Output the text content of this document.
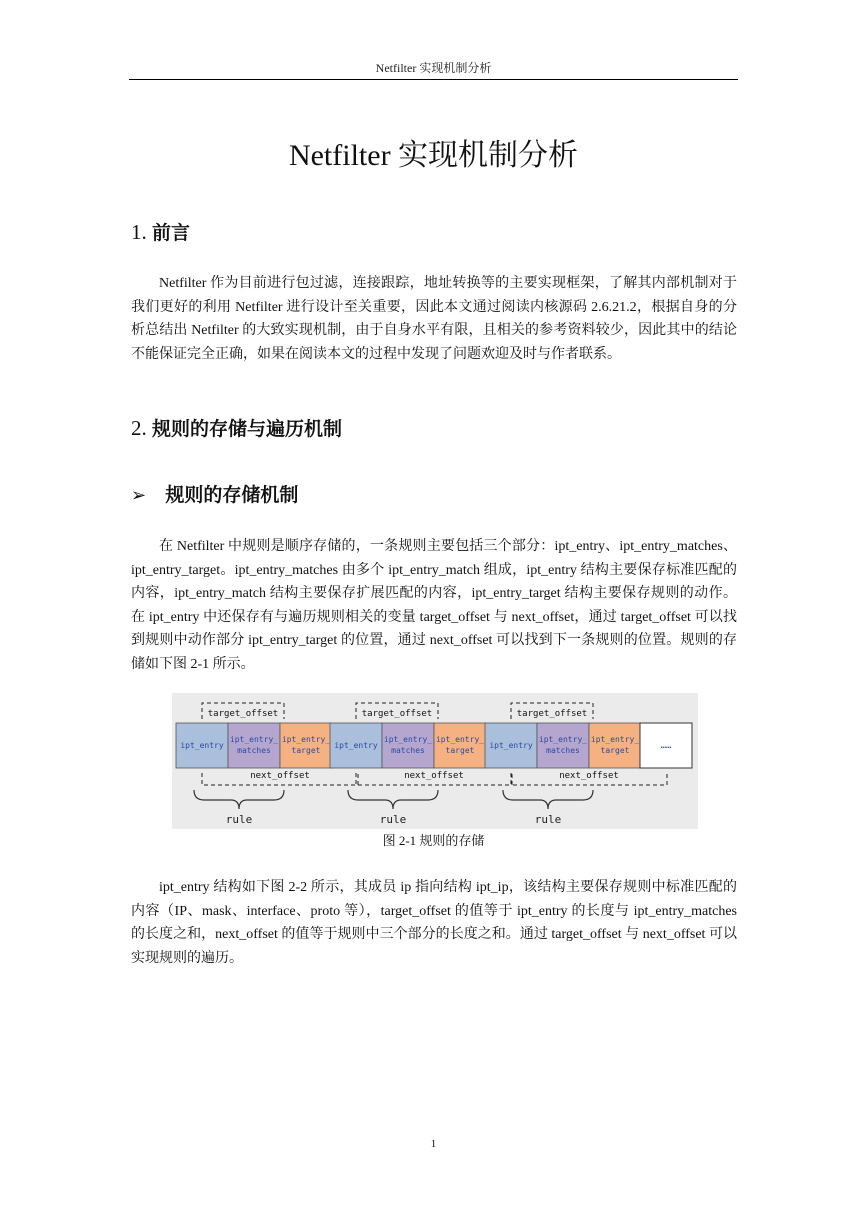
Netfilter 实现机制分析
Netfilter 实现机制分析
1. 前言

Netfilter 作为目前进行包过滤，连接跟踪，地址转换等的主要实现框架，了解其内部机制对于我们更好的利用 Netfilter 进行设计至关重要，因此本文通过阅读内核源码 2.6.21.2，根据自身的分析总结出 Netfilter 的大致实现机制，由于自身水平有限，且相关的参考资料较少，因此其中的结论不能保证完全正确，如果在阅读本文的过程中发现了问题欢迎及时与作者联系。

2. 规则的存储与遍历机制
➢ 规则的存储机制

在 Netfilter 中规则是顺序存储的，一条规则主要包括三个部分：ipt_entry、ipt_entry_matches、ipt_entry_target。ipt_entry_matches 由多个 ipt_entry_match 组成，ipt_entry 结构主要保存标准匹配的内容，ipt_entry_match 结构主要保存扩展匹配的内容，ipt_entry_target 结构主要保存规则的动作。在 ipt_entry 中还保存有与遍历规则相关的变量 target_offset 与 next_offset，通过 target_offset 可以找到规则中动作部分 ipt_entry_target 的位置，通过 next_offset 可以找到下一条规则的位置。规则的存储如下图 2-1 所示。

ipt_entry
ipt_entry_
matches
ipt_entry_
target
target_offset
next_offset
rule
ipt_entry
ipt_entry_
matches
ipt_entry_
target
target_offset
next_offset
rule
ipt_entry
ipt_entry_
matches
ipt_entry_
target
target_offset
next_offset
rule
……
图 2-1 规则的存储

ipt_entry 结构如下图 2-2 所示，其成员 ip 指向结构 ipt_ip，该结构主要保存规则中标准匹配的内容（IP、mask、interface、proto 等），target_offset 的值等于 ipt_entry 的长度与 ipt_entry_matches 的长度之和，next_offset 的值等于规则中三个部分的长度之和。通过 target_offset 与 next_offset 可以实现规则的遍历。

1
